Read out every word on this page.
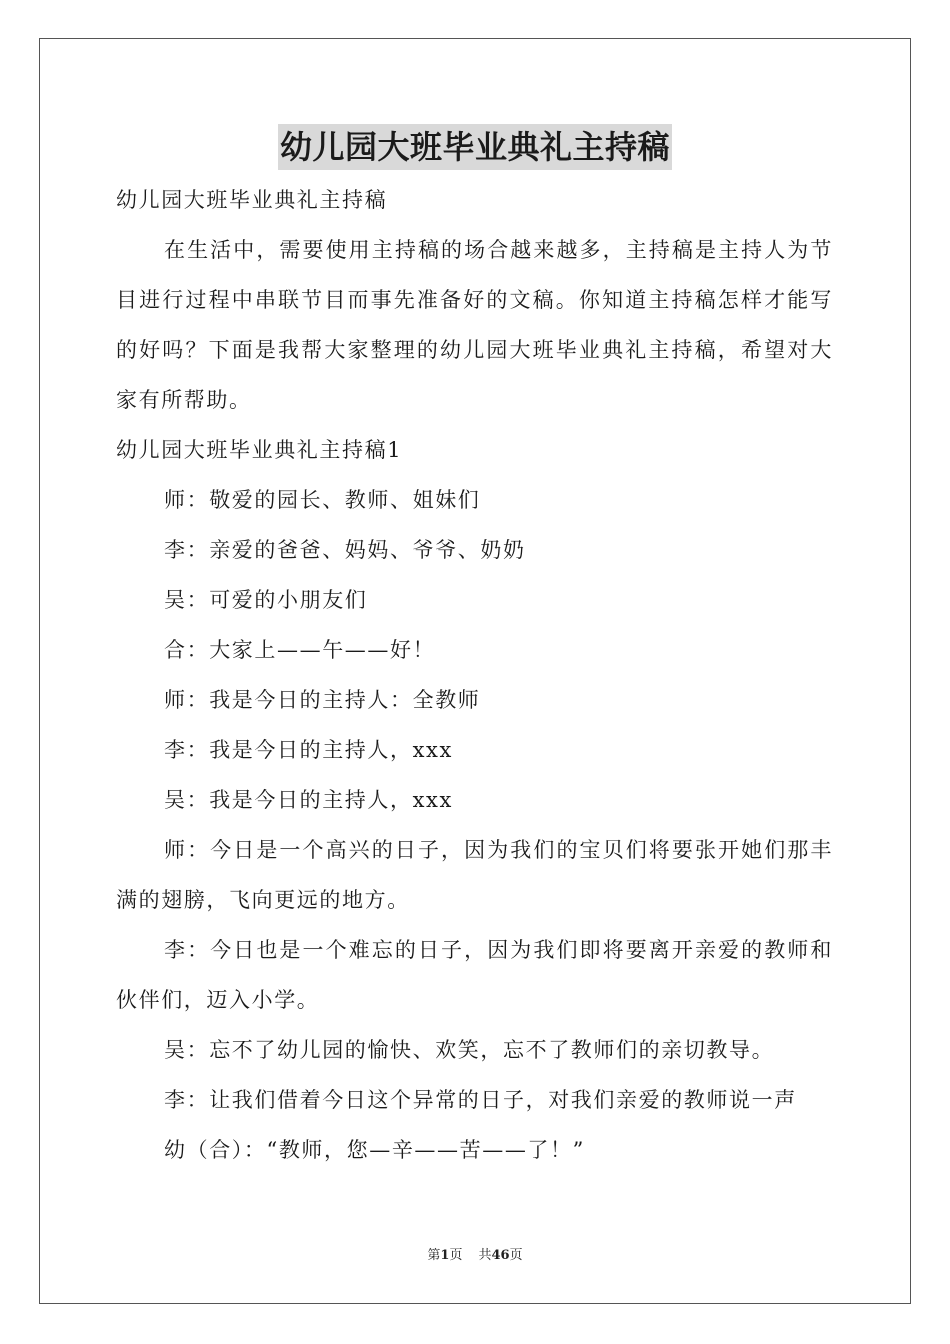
幼儿园大班毕业典礼主持稿

幼儿园大班毕业典礼主持稿

在生活中，需要使用主持稿的场合越来越多，主持稿是主持人为节目进行过程中串联节目而事先准备好的文稿。你知道主持稿怎样才能写的好吗？下面是我帮大家整理的幼儿园大班毕业典礼主持稿，希望对大家有所帮助。

幼儿园大班毕业典礼主持稿1

师：敬爱的园长、教师、姐妹们

李：亲爱的爸爸、妈妈、爷爷、奶奶

吴：可爱的小朋友们

合：大家上——午——好！

师：我是今日的主持人：全教师

李：我是今日的主持人，xxx

吴：我是今日的主持人，xxx

师：今日是一个高兴的日子，因为我们的宝贝们将要张开她们那丰满的翅膀，飞向更远的地方。

李：今日也是一个难忘的日子，因为我们即将要离开亲爱的教师和伙伴们，迈入小学。

吴：忘不了幼儿园的愉快、欢笑，忘不了教师们的亲切教导。

李：让我们借着今日这个异常的日子，对我们亲爱的教师说一声

幼（合）：“教师，您—辛——苦——了！”

第1页 共46页
